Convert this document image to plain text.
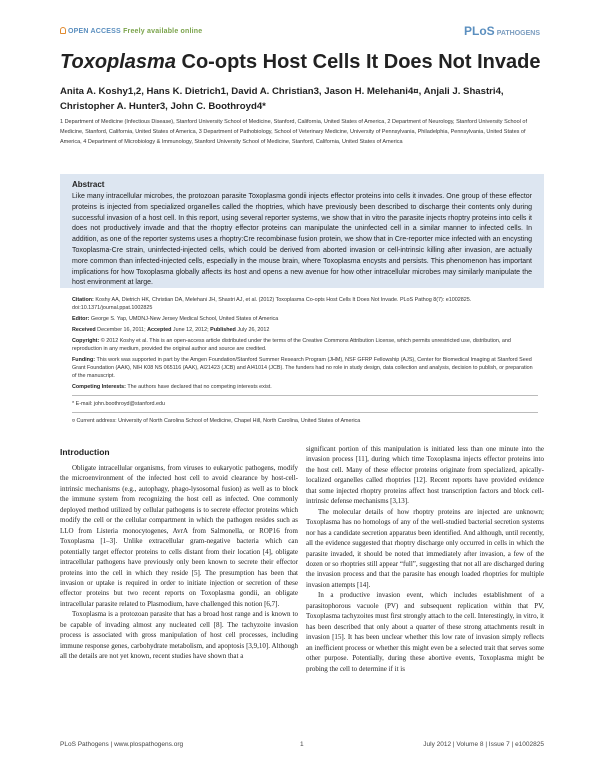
OPEN ACCESS Freely available online	PLoS PATHOGENS
Toxoplasma Co-opts Host Cells It Does Not Invade
Anita A. Koshy1,2, Hans K. Dietrich1, David A. Christian3, Jason H. Melehani4¤, Anjali J. Shastri4,
Christopher A. Hunter3, John C. Boothroyd4*
1 Department of Medicine (Infectious Disease), Stanford University School of Medicine, Stanford, California, United States of America, 2 Department of Neurology, Stanford University School of Medicine, Stanford, California, United States of America, 3 Department of Pathobiology, School of Veterinary Medicine, University of Pennsylvania, Philadelphia, Pennsylvania, United States of America, 4 Department of Microbiology & Immunology, Stanford University School of Medicine, Stanford, California, United States of America
Abstract

Like many intracellular microbes, the protozoan parasite Toxoplasma gondii injects effector proteins into cells it invades. One group of these effector proteins is injected from specialized organelles called the rhoptries, which have previously been described to discharge their contents only during successful invasion of a host cell. In this report, using several reporter systems, we show that in vitro the parasite injects rhoptry proteins into cells it does not productively invade and that the rhoptry effector proteins can manipulate the uninfected cell in a similar manner to infected cells. In addition, as one of the reporter systems uses a rhoptry:Cre recombinase fusion protein, we show that in Cre-reporter mice infected with an encysting Toxoplasma-Cre strain, uninfected-injected cells, which could be derived from aborted invasion or cell-intrinsic killing after invasion, are actually more common than infected-injected cells, especially in the mouse brain, where Toxoplasma encysts and persists. This phenomenon has important implications for how Toxoplasma globally affects its host and opens a new avenue for how other intracellular microbes may similarly manipulate the host environment at large.

Citation: Koshy AA, Dietrich HK, Christian DA, Melehani JH, Shastri AJ, et al. (2012) Toxoplasma Co-opts Host Cells It Does Not Invade. PLoS Pathog 8(7): e1002825. doi:10.1371/journal.ppat.1002825
Editor: George S. Yap, UMDNJ-New Jersey Medical School, United States of America
Received December 16, 2011; Accepted June 12, 2012; Published July 26, 2012
Copyright: © 2012 Koshy et al. This is an open-access article distributed under the terms of the Creative Commons Attribution License, which permits unrestricted use, distribution, and reproduction in any medium, provided the original author and source are credited.
Funding: This work was supported in part by the Amgen Foundation/Stanford Summer Research Program (JHM), NSF GFRP Fellowship (AJS), Center for Biomedical Imaging at Stanford Seed Grant Foundation (AAK), NIH K08 NS 065116 (AAK), AI21423 (JCB) and AI41014 (JCB). The funders had no role in study design, data collection and analysis, decision to publish, or preparation of the manuscript.
Competing Interests: The authors have declared that no competing interests exist.
* E-mail: john.boothroyd@stanford.edu
¤ Current address: University of North Carolina School of Medicine, Chapel Hill, North Carolina, United States of America
Introduction

Obligate intracellular organisms, from viruses to eukaryotic pathogens, modify the microenvironment of the infected host cell to avoid clearance by host-cell-intrinsic mechanisms (e.g., autophagy, phago-lysosomal fusion) as well as to block the immune system from recognizing the host cell as infected. One commonly deployed method utilized by cellular pathogens is to secrete effector proteins which modify the cell or the cellular compartment in which the pathogen resides such as LLO from Listeria monocytogenes, AvrA from Salmonella, or ROP16 from Toxoplasma [1–3]. Unlike extracellular gram-negative bacteria which can potentially target effector proteins to cells distant from their location [4], obligate intracellular pathogens have previously only been known to secrete their effector proteins into the cell in which they reside [5]. The presumption has been that invasion or uptake is required in order to initiate injection or secretion of these effector proteins but two recent reports on Toxoplasma gondii, an obligate intracellular parasite related to Plasmodium, have challenged this notion [6,7].

Toxoplasma is a protozoan parasite that has a broad host range and is known to be capable of invading almost any nucleated cell [8]. The tachyzoite invasion process is associated with gross manipulation of host cell processes, including immune response genes, carbohydrate metabolism, and apoptosis [3,9,10]. Although all the details are not yet known, recent studies have shown that a

significant portion of this manipulation is initiated less than one minute into the invasion process [11], during which time Toxoplasma injects effector proteins into the host cell. Many of these effector proteins originate from specialized, apically-localized organelles called rhoptries [12]. Recent reports have provided evidence that some injected rhoptry proteins affect host transcription factors and block cell-intrinsic defense mechanisms [3,13].

The molecular details of how rhoptry proteins are injected are unknown; Toxoplasma has no homologs of any of the well-studied bacterial secretion systems nor has a candidate secretion apparatus been identified. And although, until recently, all the evidence suggested that rhoptry discharge only occurred in cells in which the parasite invaded, it should be noted that immediately after invasion, a few of the dozen or so rhoptries still appear “full”, suggesting that not all are discharged during the invasion process and that the parasite has enough loaded rhoptries for multiple invasion attempts [14].

In a productive invasion event, which includes establishment of a parasitophorous vacuole (PV) and subsequent replication within that PV, Toxoplasma tachyzoites must first strongly attach to the cell. Interestingly, in vitro, it has been described that only about a quarter of these strong attachments result in invasion [15]. It has been unclear whether this low rate of invasion simply reflects an inefficient process or whether this might even be a selected trait that serves some other purpose. Potentially, during these abortive events, Toxoplasma might be probing the cell to determine if it is

PLoS Pathogens | www.plospathogens.org	1	July 2012 | Volume 8 | Issue 7 | e1002825
